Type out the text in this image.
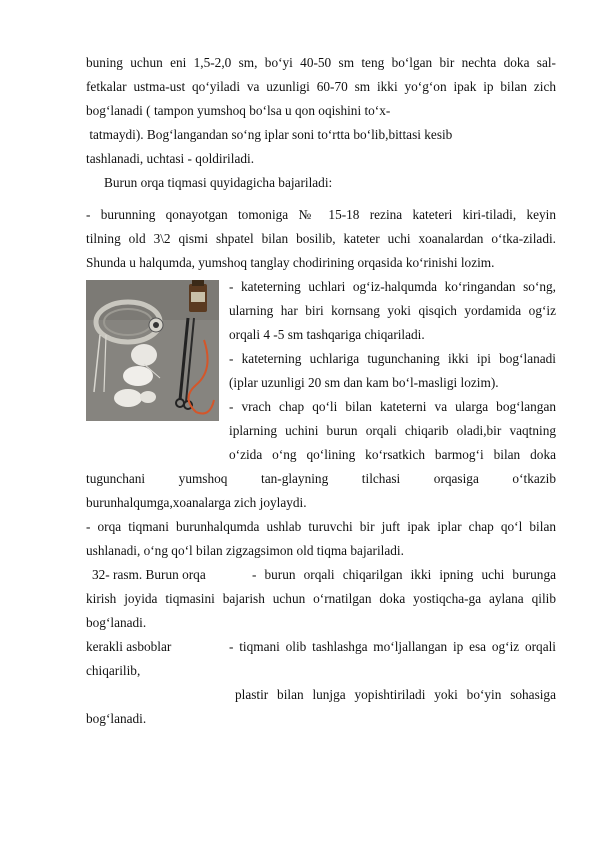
buning uchun eni 1,5-2,0 sm, bo‘yi 40-50 sm teng bo‘lgan bir nechta doka sal-
fetkalar ustma-ust qo‘yiladi va uzunligi 60-70 sm ikki yo‘g‘on ipak ip bilan zich
bog‘lanadi ( tampon yumshoq bo‘lsa u qon oqishini to‘x-
tatmaydi). Bog‘langandan so‘ng iplar soni to‘rtta bo‘lib,bittasi kesib
tashlanadi, uchtasi - qoldiriladi.
Burun orqa tiqmasi quyidagicha bajariladi:
- burunning qonayotgan tomoniga № 15-18 rezina kateteri kiri-tiladi, keyin
tilning old 3\2 qismi shpatel bilan bosilib, kateter uchi xoanalardan o‘tka-ziladi.
Shunda u halqumda, yumshoq tanglay chodirining orqasida ko‘rinishi lozim.
- kateterning uchlari og‘iz-halqumda ko‘ringandan so‘ng,
ularning har biri kornsang yoki qisqich yordamida og‘iz
orqali 4 -5 sm tashqariga chiqariladi.
- kateterning uchlariga tugunchaning ikki ipi bog‘lanadi
(iplar uzunligi 20 sm dan kam bo‘l-masligi lozim).
- vrach chap qo‘li bilan kateterni va ularga bog‘langan
iplarning uchini burun orqali chiqarib oladi,bir vaqtning
o‘zida o‘ng qo‘lining ko‘rsatkich barmog‘i bilan doka
tugunchani yumshoq tan-glayning tilchasi orqasiga o‘tkazib
burunhalqumga,xoanalarga zich joylaydi.
- orqa tiqmani burunhalqumda ushlab turuvchi bir juft ipak iplar chap qo‘l bilan
ushlanadi, o‘ng qo‘l bilan zigzagsimon old tiqma bajariladi.
32- rasm. Burun orqa	- burun orqali chiqarilgan ikki ipning uchi burunga
kirish joyida tiqmasini bajarish uchun o‘rnatilgan doka yostiqcha-ga aylana qilib
bog‘lanadi.
kerakli asboblar	- tiqmani olib tashlashga mo‘ljallangan ip esa og‘iz orqali
chiqarilib,
plastir bilan lunjga yopishtiriladi yoki bo‘yin sohasiga
bog‘lanadi.
